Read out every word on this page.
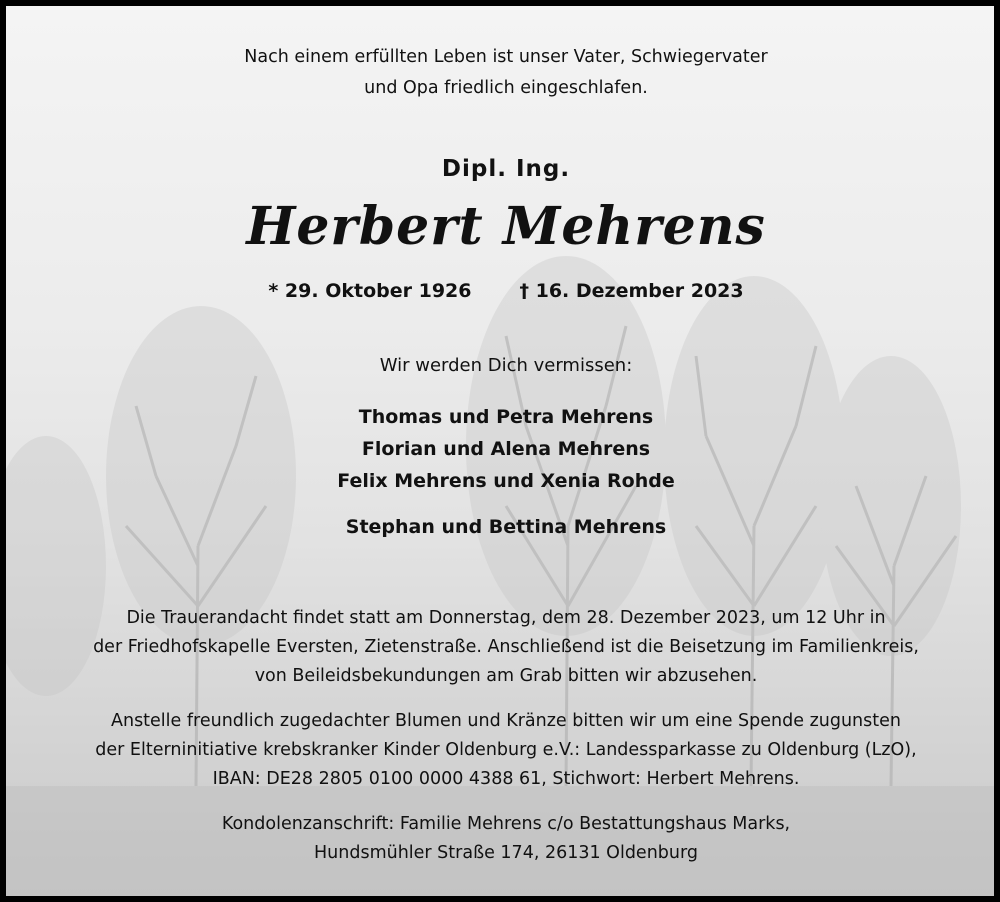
Nach einem erfüllten Leben ist unser Vater, Schwiegervater
und Opa friedlich eingeschlafen.
Dipl. Ing.
Herbert Mehrens
* 29. Oktober 1926	† 16. Dezember 2023
Wir werden Dich vermissen:
Thomas und Petra Mehrens
Florian und Alena Mehrens
Felix Mehrens und Xenia Rohde
Stephan und Bettina Mehrens
Die Trauerandacht findet statt am Donnerstag, dem 28. Dezember 2023, um 12 Uhr in
der Friedhofskapelle Eversten, Zietenstraße. Anschließend ist die Beisetzung im Familienkreis,
von Beileidsbekundungen am Grab bitten wir abzusehen.
Anstelle freundlich zugedachter Blumen und Kränze bitten wir um eine Spende zugunsten
der Elterninitiative krebskranker Kinder Oldenburg e.V.: Landessparkasse zu Oldenburg (LzO),
IBAN: DE28 2805 0100 0000 4388 61, Stichwort: Herbert Mehrens.
Kondolenzanschrift: Familie Mehrens c/o Bestattungshaus Marks,
Hundsmühler Straße 174, 26131 Oldenburg
